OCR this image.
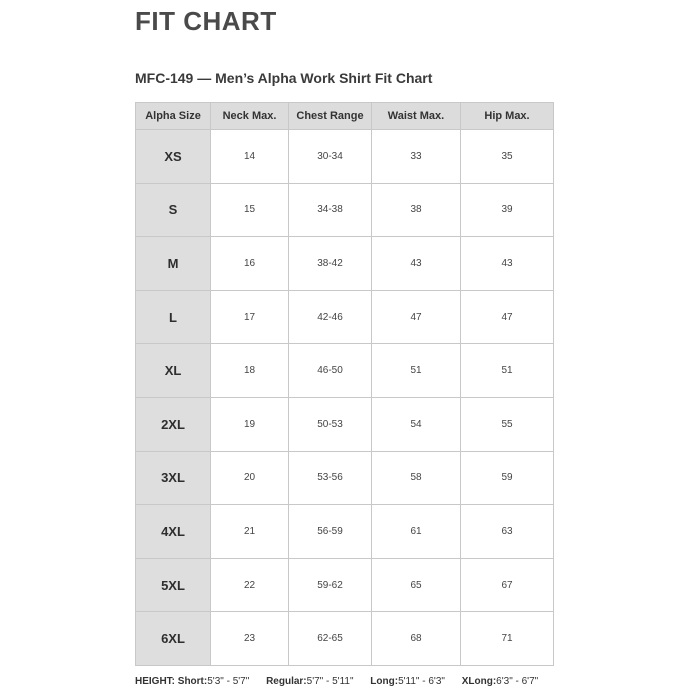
FIT CHART
MFC-149 — Men’s Alpha Work Shirt Fit Chart
Alpha Size	Neck Max.	Chest Range	Waist Max.	Hip Max.
XS	14	30-34	33	35
S	15	34-38	38	39
M	16	38-42	43	43
L	17	42-46	47	47
XL	18	46-50	51	51
2XL	19	50-53	54	55
3XL	20	53-56	58	59
4XL	21	56-59	61	63
5XL	22	59-62	65	67
6XL	23	62-65	68	71
HEIGHT: Short:5'3" - 5'7" Regular:5'7" - 5'11" Long:5'11" - 6'3" XLong:6'3" - 6'7"
